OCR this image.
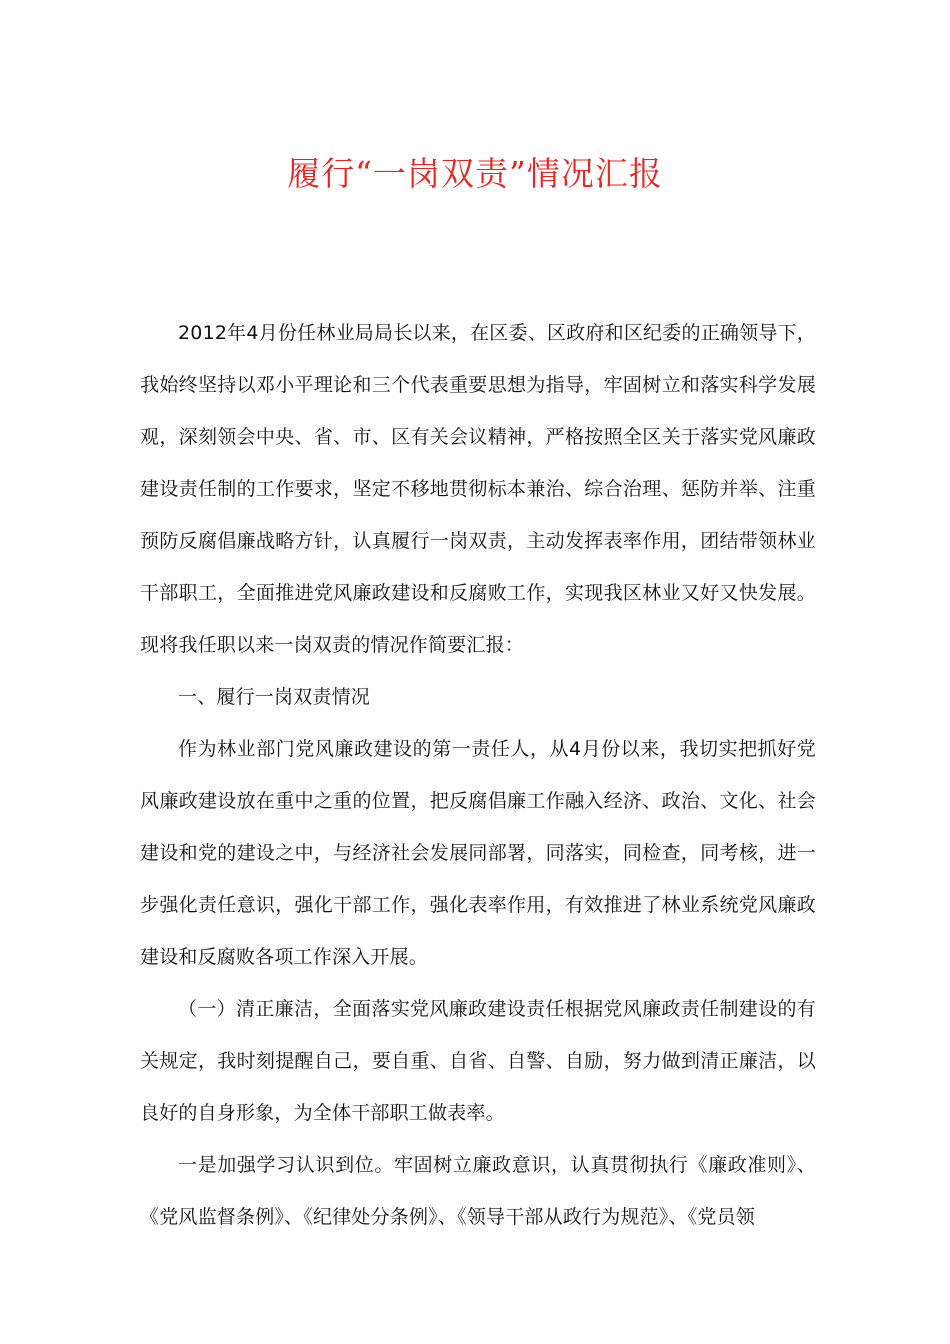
履行“一岗双责”情况汇报

2012年4月份任林业局局长以来，在区委、区政府和区纪委的正确领导下，我始终坚持以邓小平理论和三个代表重要思想为指导，牢固树立和落实科学发展观，深刻领会中央、省、市、区有关会议精神，严格按照全区关于落实党风廉政建设责任制的工作要求，坚定不移地贯彻标本兼治、综合治理、惩防并举、注重预防反腐倡廉战略方针，认真履行一岗双责，主动发挥表率作用，团结带领林业干部职工，全面推进党风廉政建设和反腐败工作，实现我区林业又好又快发展。现将我任职以来一岗双责的情况作简要汇报：

一、履行一岗双责情况

作为林业部门党风廉政建设的第一责任人，从4月份以来，我切实把抓好党风廉政建设放在重中之重的位置，把反腐倡廉工作融入经济、政治、文化、社会建设和党的建设之中，与经济社会发展同部署，同落实，同检查，同考核，进一步强化责任意识，强化干部工作，强化表率作用，有效推进了林业系统党风廉政建设和反腐败各项工作深入开展。

（一）清正廉洁，全面落实党风廉政建设责任根据党风廉政责任制建设的有关规定，我时刻提醒自己，要自重、自省、自警、自励，努力做到清正廉洁，以良好的自身形象，为全体干部职工做表率。

一是加强学习认识到位。牢固树立廉政意识，认真贯彻执行《廉政准则》、《党风监督条例》、《纪律处分条例》、《领导干部从政行为规范》、《党员领
